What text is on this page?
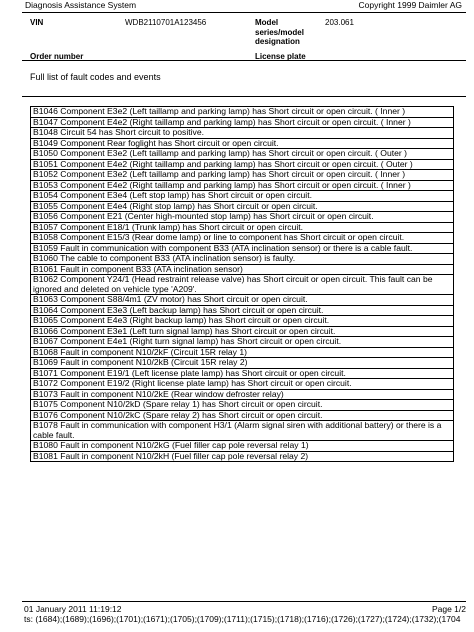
Diagnosis Assistance System	Copyright 1999 Daimler AG
VIN	WDB2110701A123456	Model series/model designation
203.061
Order number	License plate
Full list of fault codes and events
B1046 Component E3e2 (Left taillamp and parking lamp) has Short circuit or open circuit. ( Inner )
B1047 Component E4e2 (Right taillamp and parking lamp) has Short circuit or open circuit. ( Inner )
B1048 Circuit 54 has Short circuit to positive.
B1049 Component Rear foglight has Short circuit or open circuit.
B1050 Component E3e2 (Left taillamp and parking lamp) has Short circuit or open circuit. ( Outer )
B1051 Component E4e2 (Right taillamp and parking lamp) has Short circuit or open circuit. ( Outer )
B1052 Component E3e2 (Left taillamp and parking lamp) has Short circuit or open circuit. ( Inner )
B1053 Component E4e2 (Right taillamp and parking lamp) has Short circuit or open circuit. ( Inner )
B1054 Component E3e4 (Left stop lamp) has Short circuit or open circuit.
B1055 Component E4e4 (Right stop lamp) has Short circuit or open circuit.
B1056 Component E21 (Center high-mounted stop lamp) has Short circuit or open circuit.
B1057 Component E18/1 (Trunk lamp) has Short circuit or open circuit.
B1058 Component E15/3 (Rear dome lamp) or line to component has Short circuit or open circuit.
B1059 Fault in communication with component B33 (ATA inclination sensor) or there is a cable fault.
B1060 The cable to component B33 (ATA inclination sensor) is faulty.
B1061 Fault in component B33 (ATA inclination sensor)
B1062 Component Y24/1 (Head restraint release valve) has Short circuit or open circuit. This fault can be ignored and deleted on vehicle type 'A209'.
B1063 Component S88/4m1 (ZV motor) has Short circuit or open circuit.
B1064 Component E3e3 (Left backup lamp) has Short circuit or open circuit.
B1065 Component E4e3 (Right backup lamp) has Short circuit or open circuit.
B1066 Component E3e1 (Left turn signal lamp) has Short circuit or open circuit.
B1067 Component E4e1 (Right turn signal lamp) has Short circuit or open circuit.
B1068 Fault in component N10/2kF (Circuit 15R relay 1)
B1069 Fault in component N10/2kB (Circuit 15R relay 2)
B1071 Component E19/1 (Left license plate lamp) has Short circuit or open circuit.
B1072 Component E19/2 (Right license plate lamp) has Short circuit or open circuit.
B1073 Fault in component N10/2kE (Rear window defroster relay)
B1075 Component N10/2kD (Spare relay 1) has Short circuit or open circuit.
B1076 Component N10/2kC (Spare relay 2) has Short circuit or open circuit.
B1078 Fault in communication with component H3/1 (Alarm signal siren with additional battery) or there is a cable fault.
B1080 Fault in component N10/2kG (Fuel filler cap pole reversal relay 1)
B1081 Fault in component N10/2kH (Fuel filler cap pole reversal relay 2)
01 January 2011 11:19:12	Page 1/2
ts: (1684);(1689);(1696);(1701);(1671);(1705);(1709);(1711);(1715);(1718);(1716);(1726);(1727);(1724);(1732);(1704
